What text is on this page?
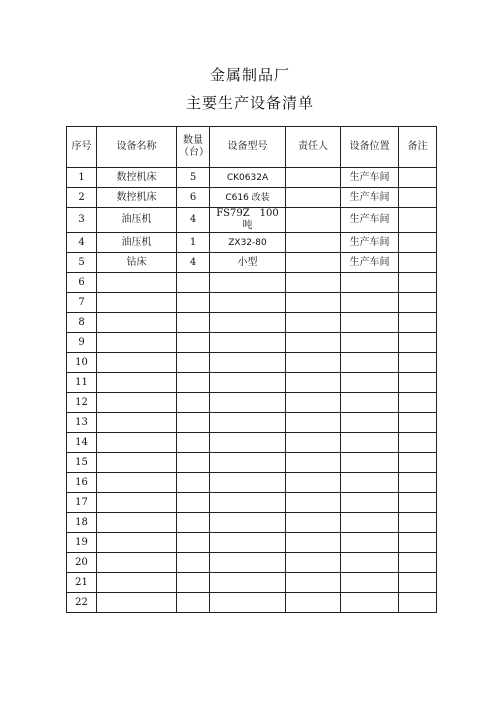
金属制品厂
主要生产设备清单
序号	设备名称	数量（台）	设备型号	责任人	设备位置	备注
1	数控机床	5	CK0632A		生产车间	
2	数控机床	6	C616 改装		生产车间	
3	油压机	4	FS79Z　100 吨		生产车间	
4	油压机	1	ZX32-80		生产车间	
5	钻床	4	小型		生产车间	
6						
7						
8						
9						
10						
11						
12						
13						
14						
15						
16						
17						
18						
19						
20						
21						
22						
